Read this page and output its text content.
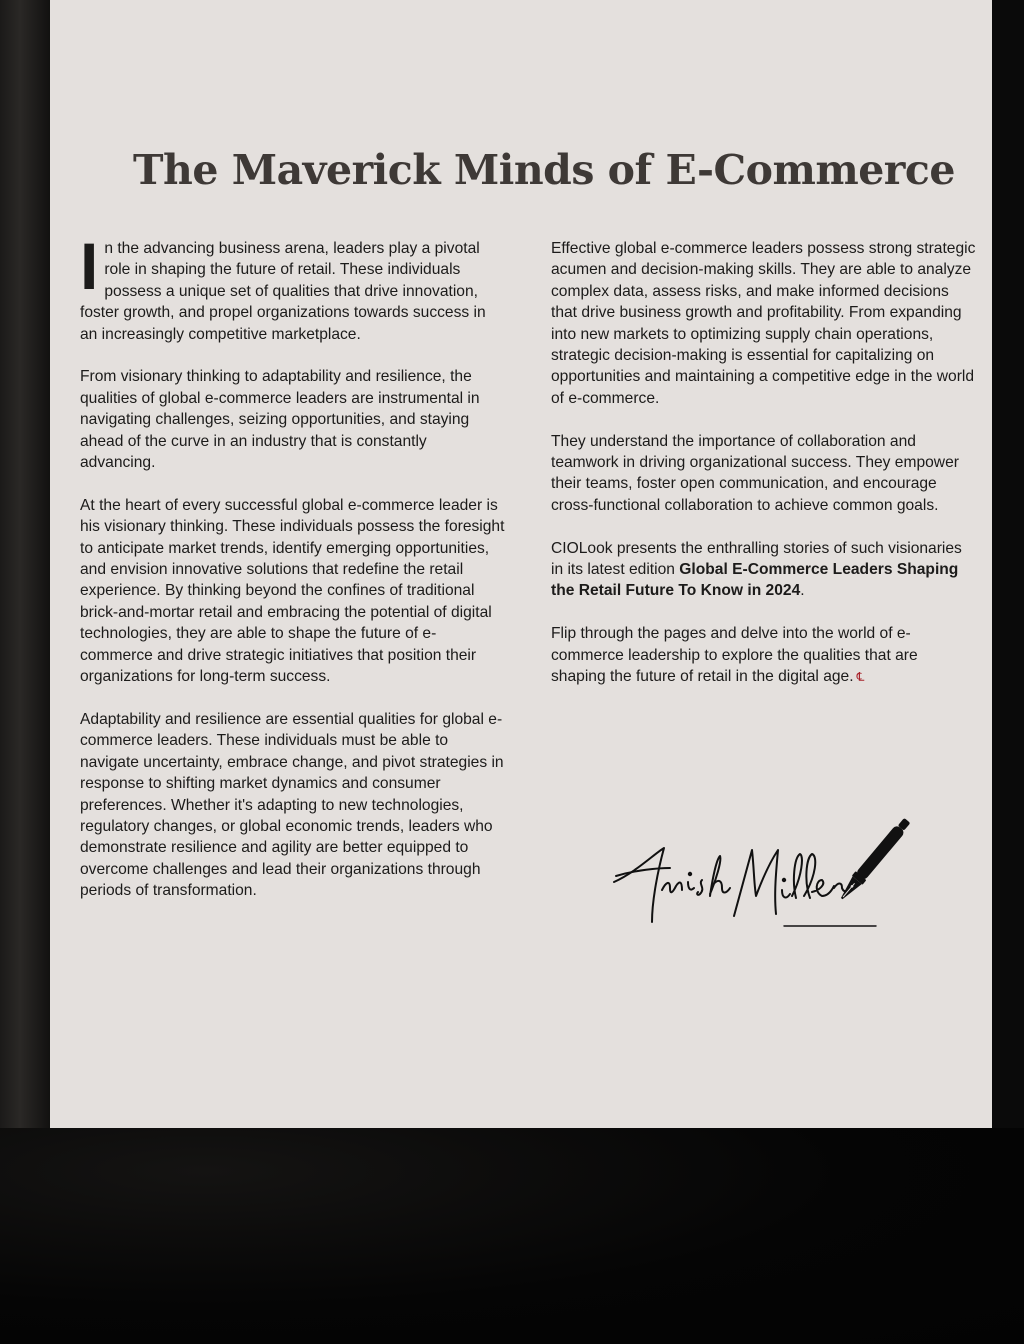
The Maverick Minds of E-Commerce

In the advancing business arena, leaders play a pivotal role in shaping the future of retail. These individuals possess a unique set of qualities that drive innovation, foster growth, and propel organizations towards success in an increasingly competitive marketplace.

From visionary thinking to adaptability and resilience, the qualities of global e-commerce leaders are instrumental in navigating challenges, seizing opportunities, and staying ahead of the curve in an industry that is constantly advancing.

At the heart of every successful global e-commerce leader is his visionary thinking. These individuals possess the foresight to anticipate market trends, identify emerging opportunities, and envision innovative solutions that redefine the retail experience. By thinking beyond the confines of traditional brick-and-mortar retail and embracing the potential of digital technologies, they are able to shape the future of e-commerce and drive strategic initiatives that position their organizations for long-term success.

Adaptability and resilience are essential qualities for global e-commerce leaders. These individuals must be able to navigate uncertainty, embrace change, and pivot strategies in response to shifting market dynamics and consumer preferences. Whether it's adapting to new technologies, regulatory changes, or global economic trends, leaders who demonstrate resilience and agility are better equipped to overcome challenges and lead their organizations through periods of transformation.

Effective global e-commerce leaders possess strong strategic acumen and decision-making skills. They are able to analyze complex data, assess risks, and make informed decisions that drive business growth and profitability. From expanding into new markets to optimizing supply chain operations, strategic decision-making is essential for capitalizing on opportunities and maintaining a competitive edge in the world of e-commerce.

They understand the importance of collaboration and teamwork in driving organizational success. They empower their teams, foster open communication, and encourage cross-functional collaboration to achieve common goals.

CIOLook presents the enthralling stories of such visionaries in its latest edition Global E-Commerce Leaders Shaping the Retail Future To Know in 2024.

Flip through the pages and delve into the world of e-commerce leadership to explore the qualities that are shaping the future of retail in the digital age. ℄
